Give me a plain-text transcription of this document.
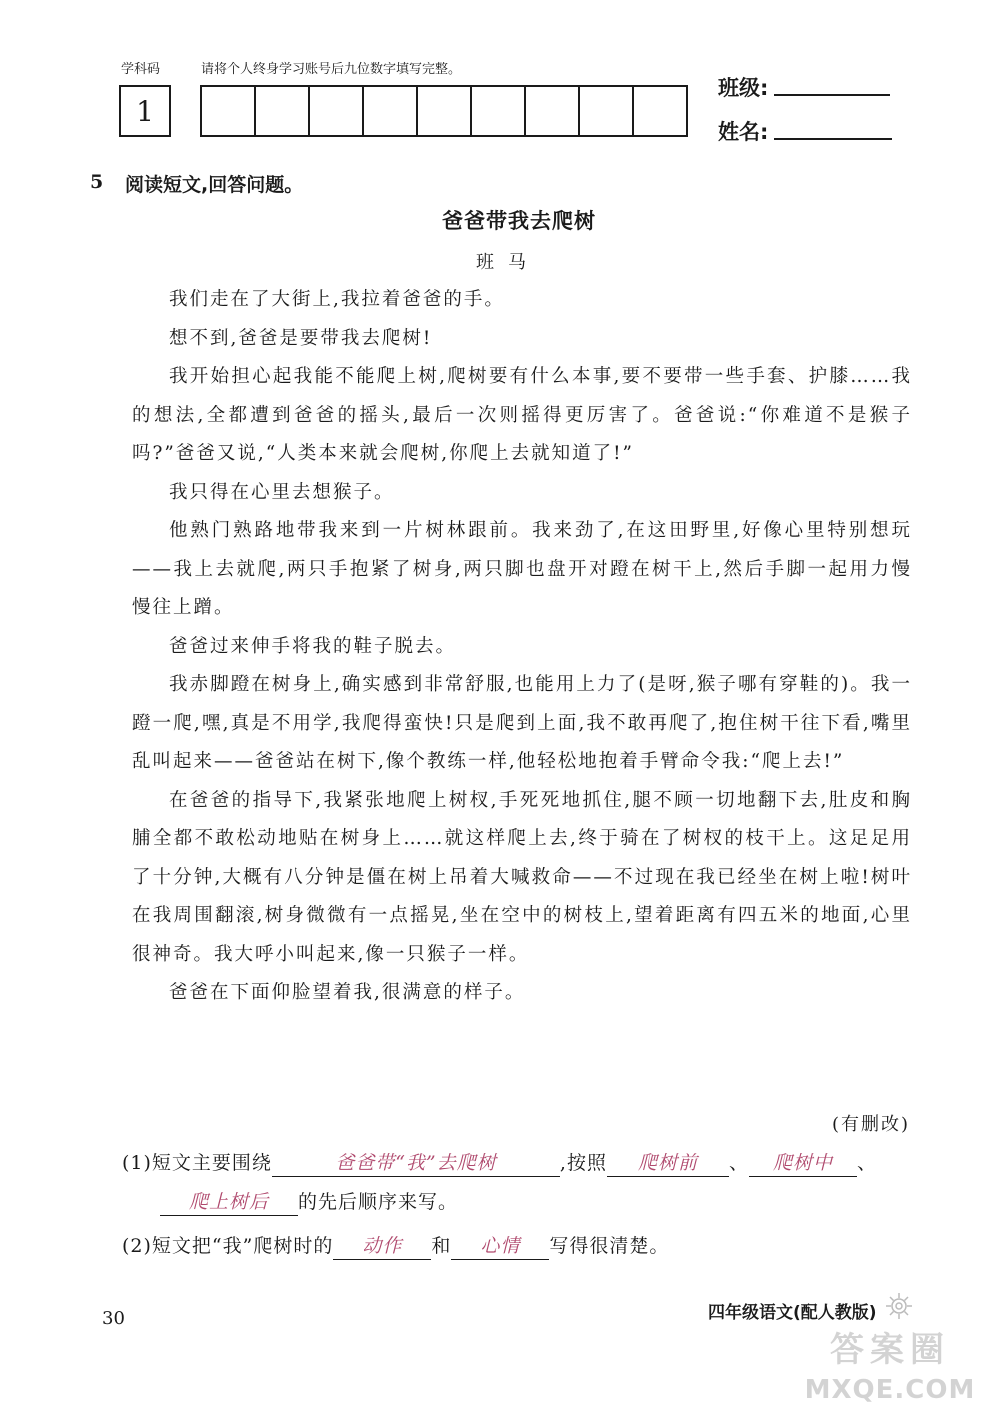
学科码	请将个人终身学习账号后九位数字填写完整。
1
班级:
姓名:
5 阅读短文,回答问题。
爸爸带我去爬树
班马

我们走在了大街上,我拉着爸爸的手。

想不到,爸爸是要带我去爬树!

我开始担心起我能不能爬上树,爬树要有什么本事,要不要带一些手套、护膝……我的想法,全都遭到爸爸的摇头,最后一次则摇得更厉害了。爸爸说:“你难道不是猴子吗?”爸爸又说,“人类本来就会爬树,你爬上去就知道了!”

我只得在心里去想猴子。

他熟门熟路地带我来到一片树林跟前。我来劲了,在这田野里,好像心里特别想玩——我上去就爬,两只手抱紧了树身,两只脚也盘开对蹬在树干上,然后手脚一起用力慢慢往上蹭。

爸爸过来伸手将我的鞋子脱去。

我赤脚蹬在树身上,确实感到非常舒服,也能用上力了(是呀,猴子哪有穿鞋的)。我一蹬一爬,嘿,真是不用学,我爬得蛮快!只是爬到上面,我不敢再爬了,抱住树干往下看,嘴里乱叫起来——爸爸站在树下,像个教练一样,他轻松地抱着手臂命令我:“爬上去!”

在爸爸的指导下,我紧张地爬上树杈,手死死地抓住,腿不顾一切地翻下去,肚皮和胸脯全都不敢松动地贴在树身上……就这样爬上去,终于骑在了树杈的枝干上。这足足用了十分钟,大概有八分钟是僵在树上吊着大喊救命——不过现在我已经坐在树上啦!树叶在我周围翻滚,树身微微有一点摇晃,坐在空中的树枝上,望着距离有四五米的地面,心里很神奇。我大呼小叫起来,像一只猴子一样。

爸爸在下面仰脸望着我,很满意的样子。

(有删改)
(1)短文主要围绕	爸爸带“我”去爬树	,按照 爬树前 、 爬树中 、
爬上树后 的先后顺序来写。
(2)短文把“我”爬树时的 动作 和 心情 写得很清楚。
30	四年级语文(配人教版)
答案圈
MXQE.COM
